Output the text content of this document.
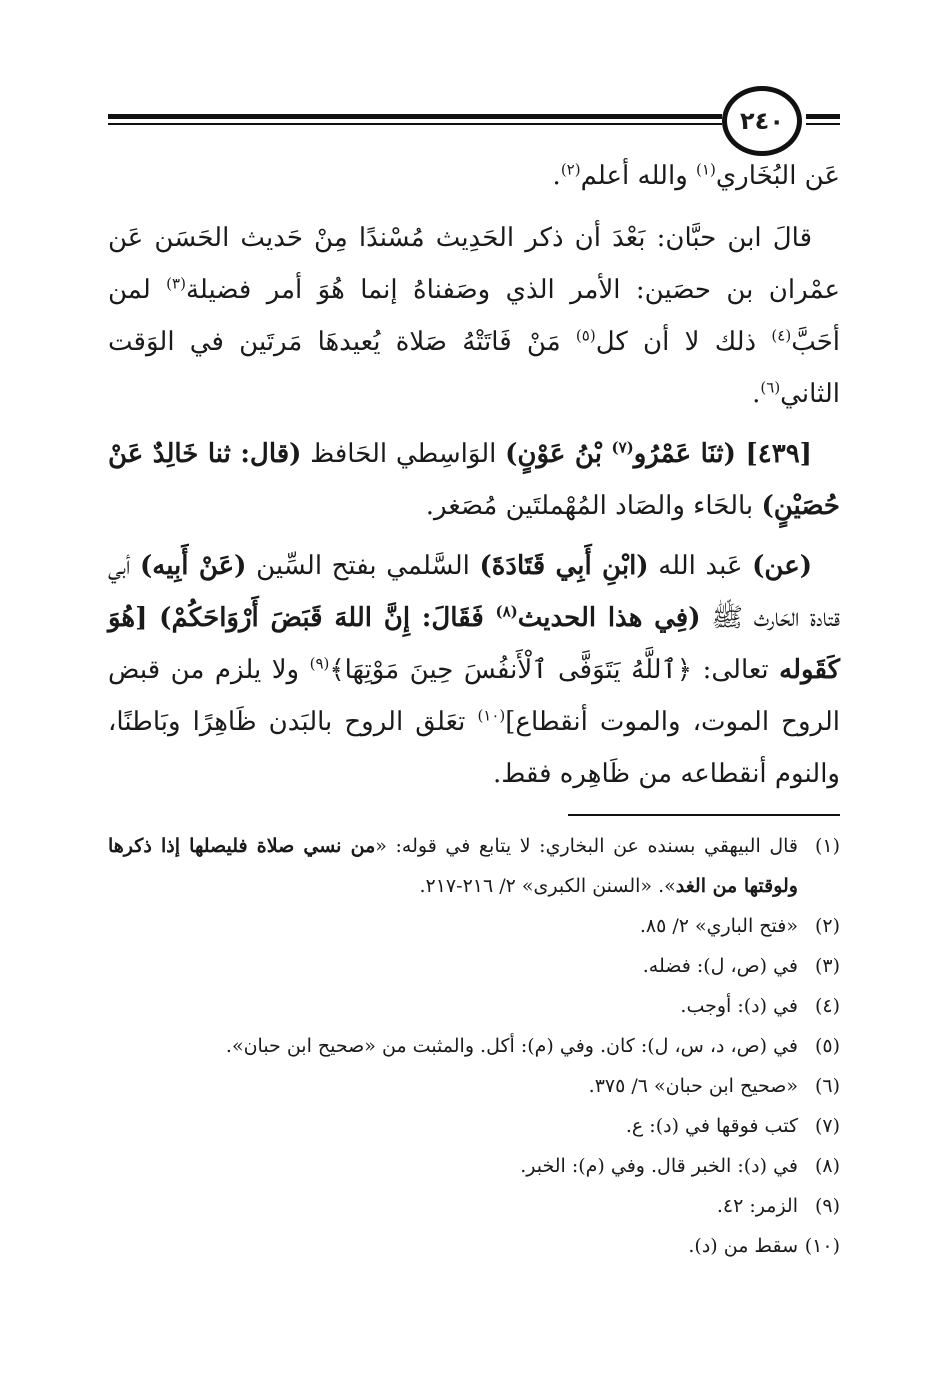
٢٤٠

عَن البُخَاري$^{(١)}$ والله أعلم$^{(٢)}$.

قالَ ابن حبَّان: بَعْدَ أن ذكر الحَدِيث مُسْندًا مِنْ حَديث الحَسَن عَن عمْران بن حصَين: الأمر الذي وصَفناهُ إنما هُوَ أمر فضيلة$^{(٣)}$ لمن أحَبَّ$^{(٤)}$ ذلك لا أن كل$^{(٥)}$ مَنْ فَاتَتْهُ صَلاة يُعيدهَا مَرتَين في الوَقت الثاني$^{(٦)}$.

[٤٣٩] (ثنَا عَمْرُو$^{(٧)}$ بْنُ عَوْنٍ) الوَاسِطي الحَافظ (قال: ثنا خَالِدٌ عَنْ حُصَيْنٍ) بالحَاء والصَاد المُهْملتَين مُصَغر.

(عن) عَبد الله (ابْنِ أَبِي قَتَادَةَ) السَّلمي بفتح السِّين (عَنْ أَبِيه) أبي قتادة الحَارث ﷺ (فِي هذا الحديث$^{(٨)}$ فَقَالَ: إِنَّ اللهَ قَبَضَ أَرْوَاحَكُمْ) [هُوَ كَقَوله تعالى: ﴿ٱللَّهُ يَتَوَفَّى ٱلْأَنفُسَ حِينَ مَوْتِهَا﴾$^{(٩)}$ ولا يلزم من قبض الروح الموت، والموت أنقطاع]$^{(١٠)}$ تعَلق الروح بالبَدن ظَاهِرًا وبَاطنًا، والنوم أنقطاعه من ظَاهِره فقط.

(١)
قال البيهقي بسنده عن البخاري: لا يتابع في قوله: «من نسي صلاة فليصلها إذا ذكرها ولوقتها من الغد». «السنن الكبرى» ٢/ ٢١٦-٢١٧.
(٢)
«فتح الباري» ٢/ ٨٥.
(٣)
في (ص، ل): فضله.
(٤)
في (د): أوجب.
(٥)
في (ص، د، س، ل): كان. وفي (م): أكل. والمثبت من «صحيح ابن حبان».
(٦)
«صحيح ابن حبان» ٦/ ٣٧٥.
(٧)
كتب فوقها في (د): ع.
(٨)
في (د): الخبر قال. وفي (م): الخبر.
(٩)
الزمر: ٤٢.
(١٠)
سقط من (د).
